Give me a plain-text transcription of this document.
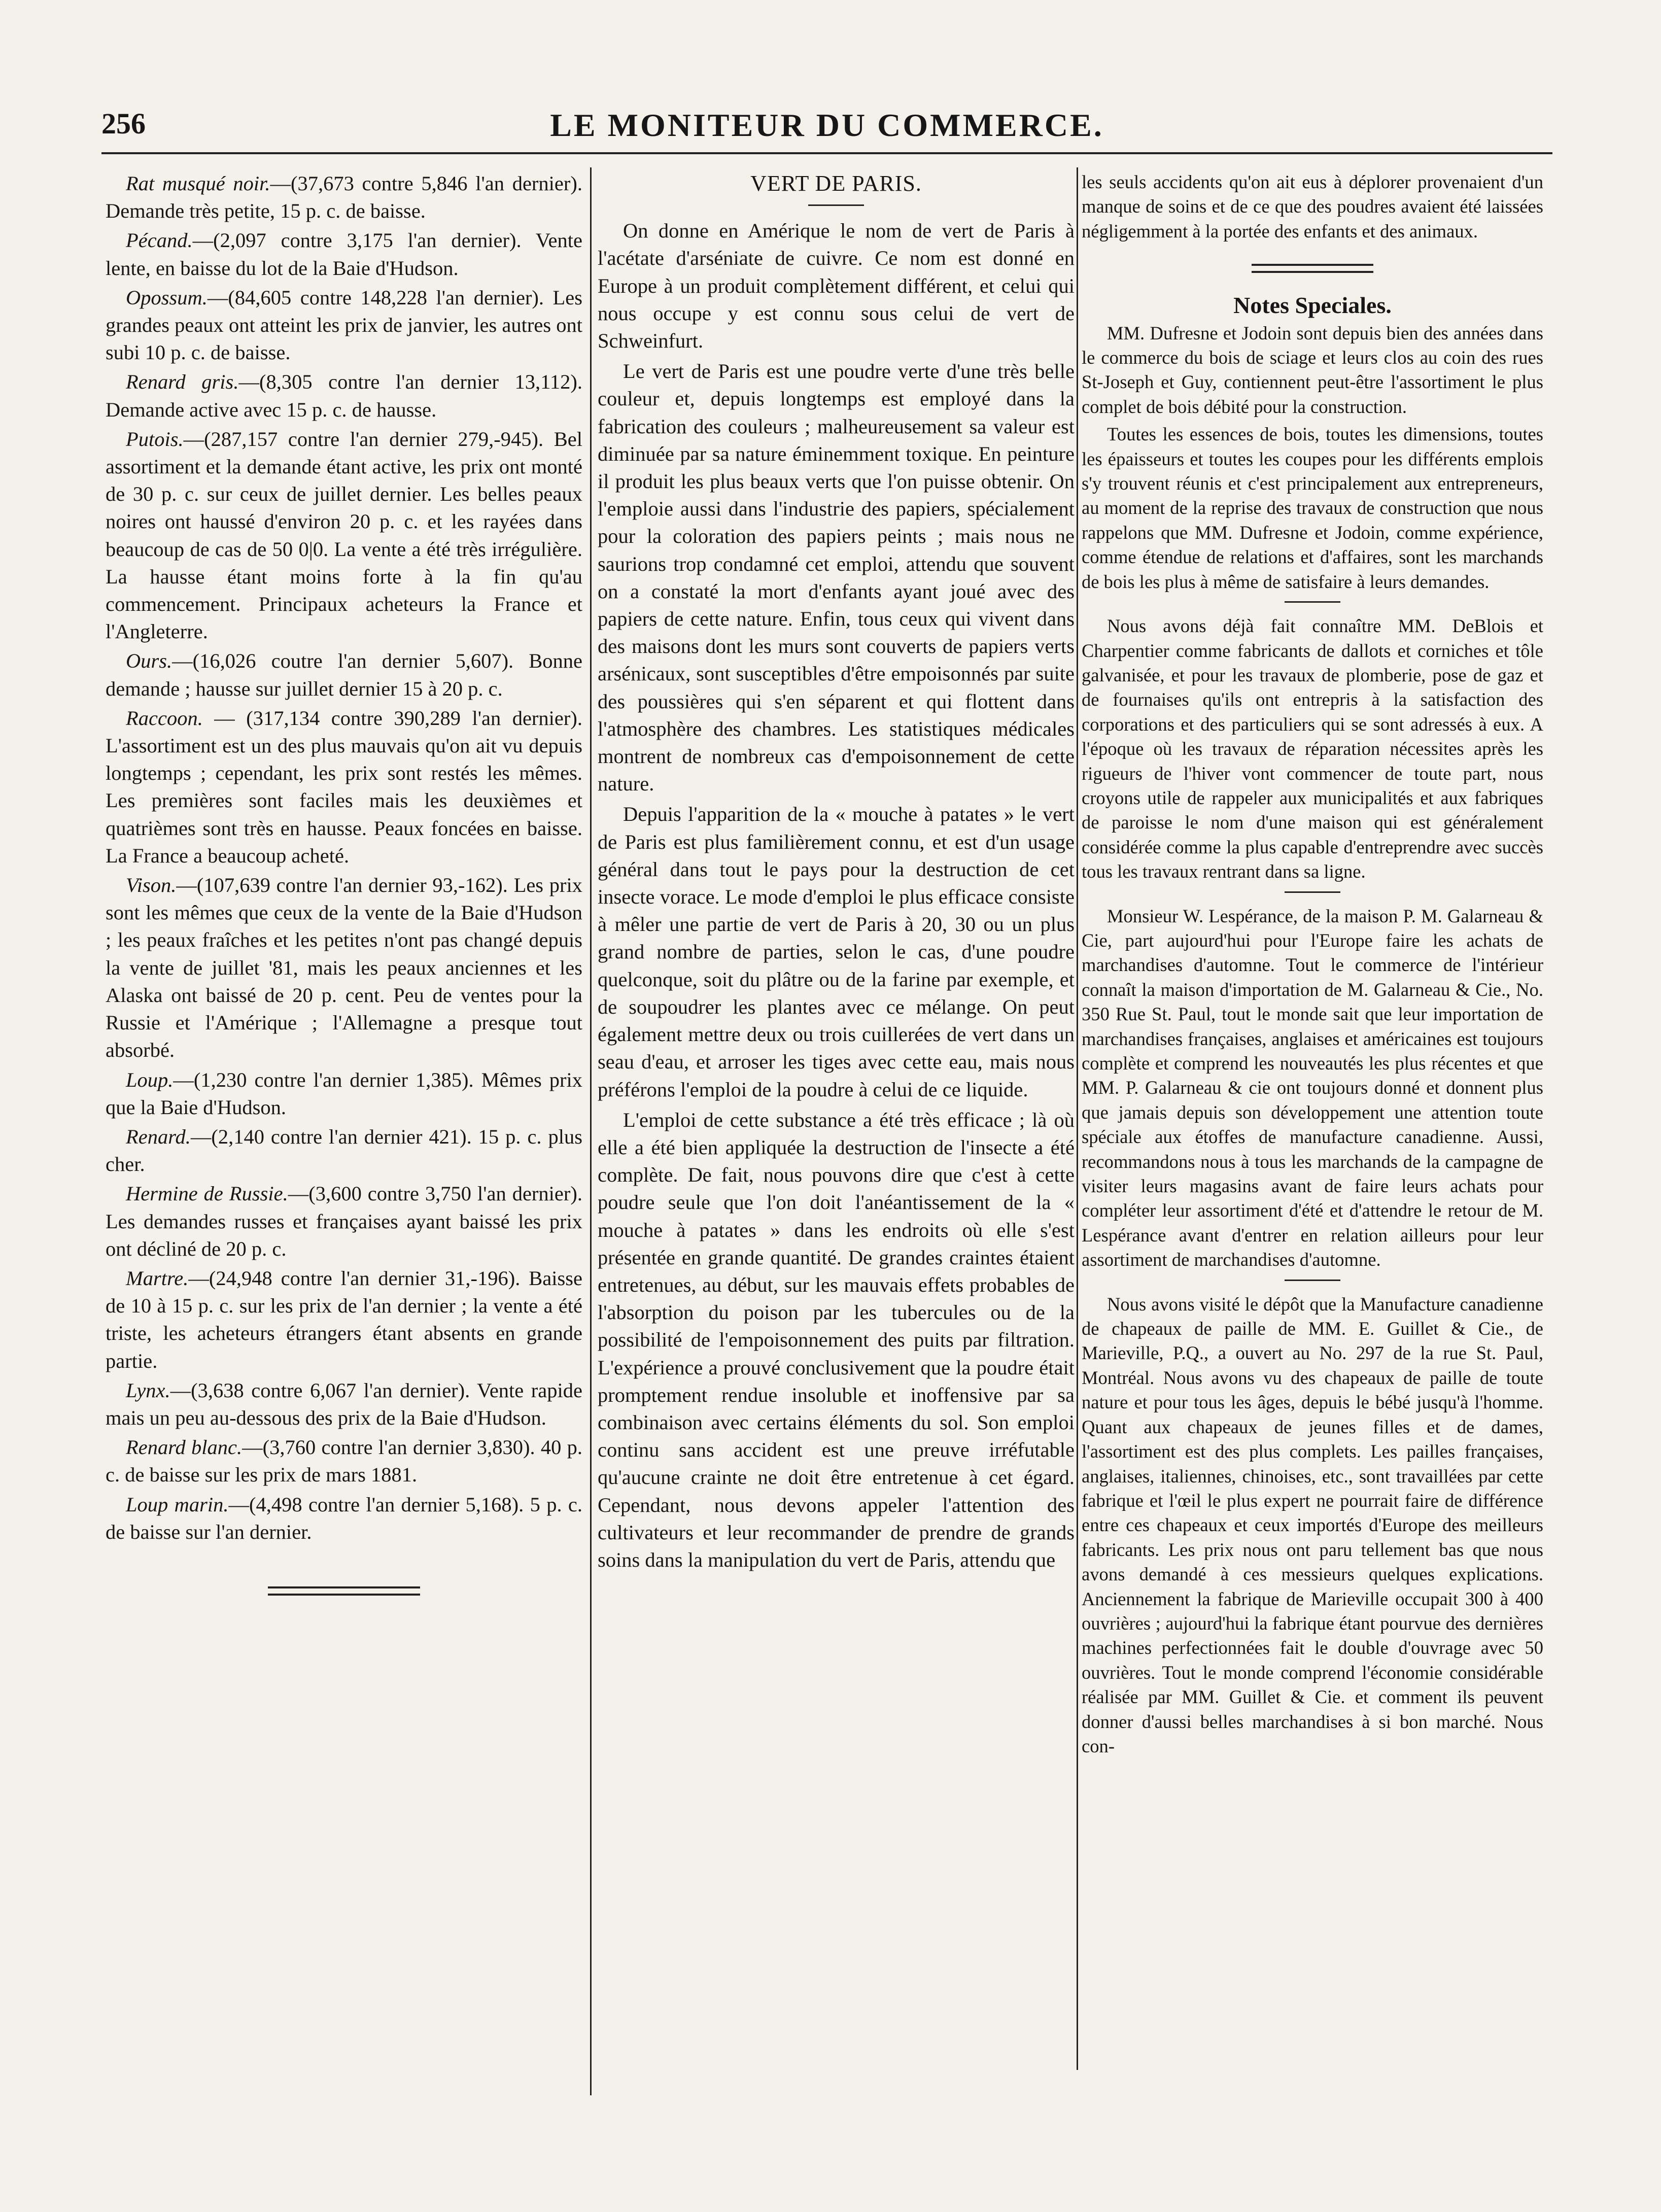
256	LE MONITEUR DU COMMERCE.

Rat musqué noir.—(37,673 contre 5,846 l'an dernier). Demande très petite, 15 p. c. de baisse.

Pécand.—(2,097 contre 3,175 l'an dernier). Vente lente, en baisse du lot de la Baie d'Hudson.

Opossum.—(84,605 contre 148,228 l'an dernier). Les grandes peaux ont atteint les prix de janvier, les autres ont subi 10 p. c. de baisse.

Renard gris.—(8,305 contre l'an dernier 13,112). Demande active avec 15 p. c. de hausse.

Putois.—(287,157 contre l'an dernier 279,-945). Bel assortiment et la demande étant active, les prix ont monté de 30 p. c. sur ceux de juillet dernier. Les belles peaux noires ont haussé d'environ 20 p. c. et les rayées dans beaucoup de cas de 50 0|0. La vente a été très irrégulière. La hausse étant moins forte à la fin qu'au commencement. Principaux acheteurs la France et l'Angleterre.

Ours.—(16,026 coutre l'an dernier 5,607). Bonne demande ; hausse sur juillet dernier 15 à 20 p. c.

Raccoon. — (317,134 contre 390,289 l'an dernier). L'assortiment est un des plus mauvais qu'on ait vu depuis longtemps ; cependant, les prix sont restés les mêmes. Les premières sont faciles mais les deuxièmes et quatrièmes sont très en hausse. Peaux foncées en baisse. La France a beaucoup acheté.

Vison.—(107,639 contre l'an dernier 93,-162). Les prix sont les mêmes que ceux de la vente de la Baie d'Hudson ; les peaux fraîches et les petites n'ont pas changé depuis la vente de juillet '81, mais les peaux anciennes et les Alaska ont baissé de 20 p. cent. Peu de ventes pour la Russie et l'Amérique ; l'Allemagne a presque tout absorbé.

Loup.—(1,230 contre l'an dernier 1,385). Mêmes prix que la Baie d'Hudson.

Renard.—(2,140 contre l'an dernier 421). 15 p. c. plus cher.

Hermine de Russie.—(3,600 contre 3,750 l'an dernier). Les demandes russes et françaises ayant baissé les prix ont décliné de 20 p. c.

Martre.—(24,948 contre l'an dernier 31,-196). Baisse de 10 à 15 p. c. sur les prix de l'an dernier ; la vente a été triste, les acheteurs étrangers étant absents en grande partie.

Lynx.—(3,638 contre 6,067 l'an dernier). Vente rapide mais un peu au-dessous des prix de la Baie d'Hudson.

Renard blanc.—(3,760 contre l'an dernier 3,830). 40 p. c. de baisse sur les prix de mars 1881.

Loup marin.—(4,498 contre l'an dernier 5,168). 5 p. c. de baisse sur l'an dernier.

VERT DE PARIS.

On donne en Amérique le nom de vert de Paris à l'acétate d'arséniate de cuivre. Ce nom est donné en Europe à un produit complètement différent, et celui qui nous occupe y est connu sous celui de vert de Schweinfurt.

Le vert de Paris est une poudre verte d'une très belle couleur et, depuis longtemps est employé dans la fabrication des couleurs ; malheureusement sa valeur est diminuée par sa nature éminemment toxique. En peinture il produit les plus beaux verts que l'on puisse obtenir. On l'emploie aussi dans l'industrie des papiers, spécialement pour la coloration des papiers peints ; mais nous ne saurions trop condamné cet emploi, attendu que souvent on a constaté la mort d'enfants ayant joué avec des papiers de cette nature. Enfin, tous ceux qui vivent dans des maisons dont les murs sont couverts de papiers verts arsénicaux, sont susceptibles d'être empoisonnés par suite des poussières qui s'en séparent et qui flottent dans l'atmosphère des chambres. Les statistiques médicales montrent de nombreux cas d'empoisonnement de cette nature.

Depuis l'apparition de la « mouche à patates » le vert de Paris est plus familièrement connu, et est d'un usage général dans tout le pays pour la destruction de cet insecte vorace. Le mode d'emploi le plus efficace consiste à mêler une partie de vert de Paris à 20, 30 ou un plus grand nombre de parties, selon le cas, d'une poudre quelconque, soit du plâtre ou de la farine par exemple, et de soupoudrer les plantes avec ce mélange. On peut également mettre deux ou trois cuillerées de vert dans un seau d'eau, et arroser les tiges avec cette eau, mais nous préférons l'emploi de la poudre à celui de ce liquide.

L'emploi de cette substance a été très efficace ; là où elle a été bien appliquée la destruction de l'insecte a été complète. De fait, nous pouvons dire que c'est à cette poudre seule que l'on doit l'anéantissement de la « mouche à patates » dans les endroits où elle s'est présentée en grande quantité. De grandes craintes étaient entretenues, au début, sur les mauvais effets probables de l'absorption du poison par les tubercules ou de la possibilité de l'empoisonnement des puits par filtration. L'expérience a prouvé conclusivement que la poudre était promptement rendue insoluble et inoffensive par sa combinaison avec certains éléments du sol. Son emploi continu sans accident est une preuve irréfutable qu'aucune crainte ne doit être entretenue à cet égard. Cependant, nous devons appeler l'attention des cultivateurs et leur recommander de prendre de grands soins dans la manipulation du vert de Paris, attendu que

les seuls accidents qu'on ait eus à déplorer provenaient d'un manque de soins et de ce que des poudres avaient été laissées négligemment à la portée des enfants et des animaux.

Notes Speciales.

MM. Dufresne et Jodoin sont depuis bien des années dans le commerce du bois de sciage et leurs clos au coin des rues St-Joseph et Guy, contiennent peut-être l'assortiment le plus complet de bois débité pour la construction.

Toutes les essences de bois, toutes les dimensions, toutes les épaisseurs et toutes les coupes pour les différents emplois s'y trouvent réunis et c'est principalement aux entrepreneurs, au moment de la reprise des travaux de construction que nous rappelons que MM. Dufresne et Jodoin, comme expérience, comme étendue de relations et d'affaires, sont les marchands de bois les plus à même de satisfaire à leurs demandes.

Nous avons déjà fait connaître MM. DeBlois et Charpentier comme fabricants de dallots et corniches et tôle galvanisée, et pour les travaux de plomberie, pose de gaz et de fournaises qu'ils ont entrepris à la satisfaction des corporations et des particuliers qui se sont adressés à eux. A l'époque où les travaux de réparation nécessites après les rigueurs de l'hiver vont commencer de toute part, nous croyons utile de rappeler aux municipalités et aux fabriques de paroisse le nom d'une maison qui est généralement considérée comme la plus capable d'entreprendre avec succès tous les travaux rentrant dans sa ligne.

Monsieur W. Lespérance, de la maison P. M. Galarneau & Cie, part aujourd'hui pour l'Europe faire les achats de marchandises d'automne. Tout le commerce de l'intérieur connaît la maison d'importation de M. Galarneau & Cie., No. 350 Rue St. Paul, tout le monde sait que leur importation de marchandises françaises, anglaises et américaines est toujours complète et comprend les nouveautés les plus récentes et que MM. P. Galarneau & cie ont toujours donné et donnent plus que jamais depuis son développement une attention toute spéciale aux étoffes de manufacture canadienne. Aussi, recommandons nous à tous les marchands de la campagne de visiter leurs magasins avant de faire leurs achats pour compléter leur assortiment d'été et d'attendre le retour de M. Lespérance avant d'entrer en relation ailleurs pour leur assortiment de marchandises d'automne.

Nous avons visité le dépôt que la Manufacture canadienne de chapeaux de paille de MM. E. Guillet & Cie., de Marieville, P.Q., a ouvert au No. 297 de la rue St. Paul, Montréal. Nous avons vu des chapeaux de paille de toute nature et pour tous les âges, depuis le bébé jusqu'à l'homme. Quant aux chapeaux de jeunes filles et de dames, l'assortiment est des plus complets. Les pailles françaises, anglaises, italiennes, chinoises, etc., sont travaillées par cette fabrique et l'œil le plus expert ne pourrait faire de différence entre ces chapeaux et ceux importés d'Europe des meilleurs fabricants. Les prix nous ont paru tellement bas que nous avons demandé à ces messieurs quelques explications. Anciennement la fabrique de Marieville occupait 300 à 400 ouvrières ; aujourd'hui la fabrique étant pourvue des dernières machines perfectionnées fait le double d'ouvrage avec 50 ouvrières. Tout le monde comprend l'économie considérable réalisée par MM. Guillet & Cie. et comment ils peuvent donner d'aussi belles marchandises à si bon marché. Nous con-
